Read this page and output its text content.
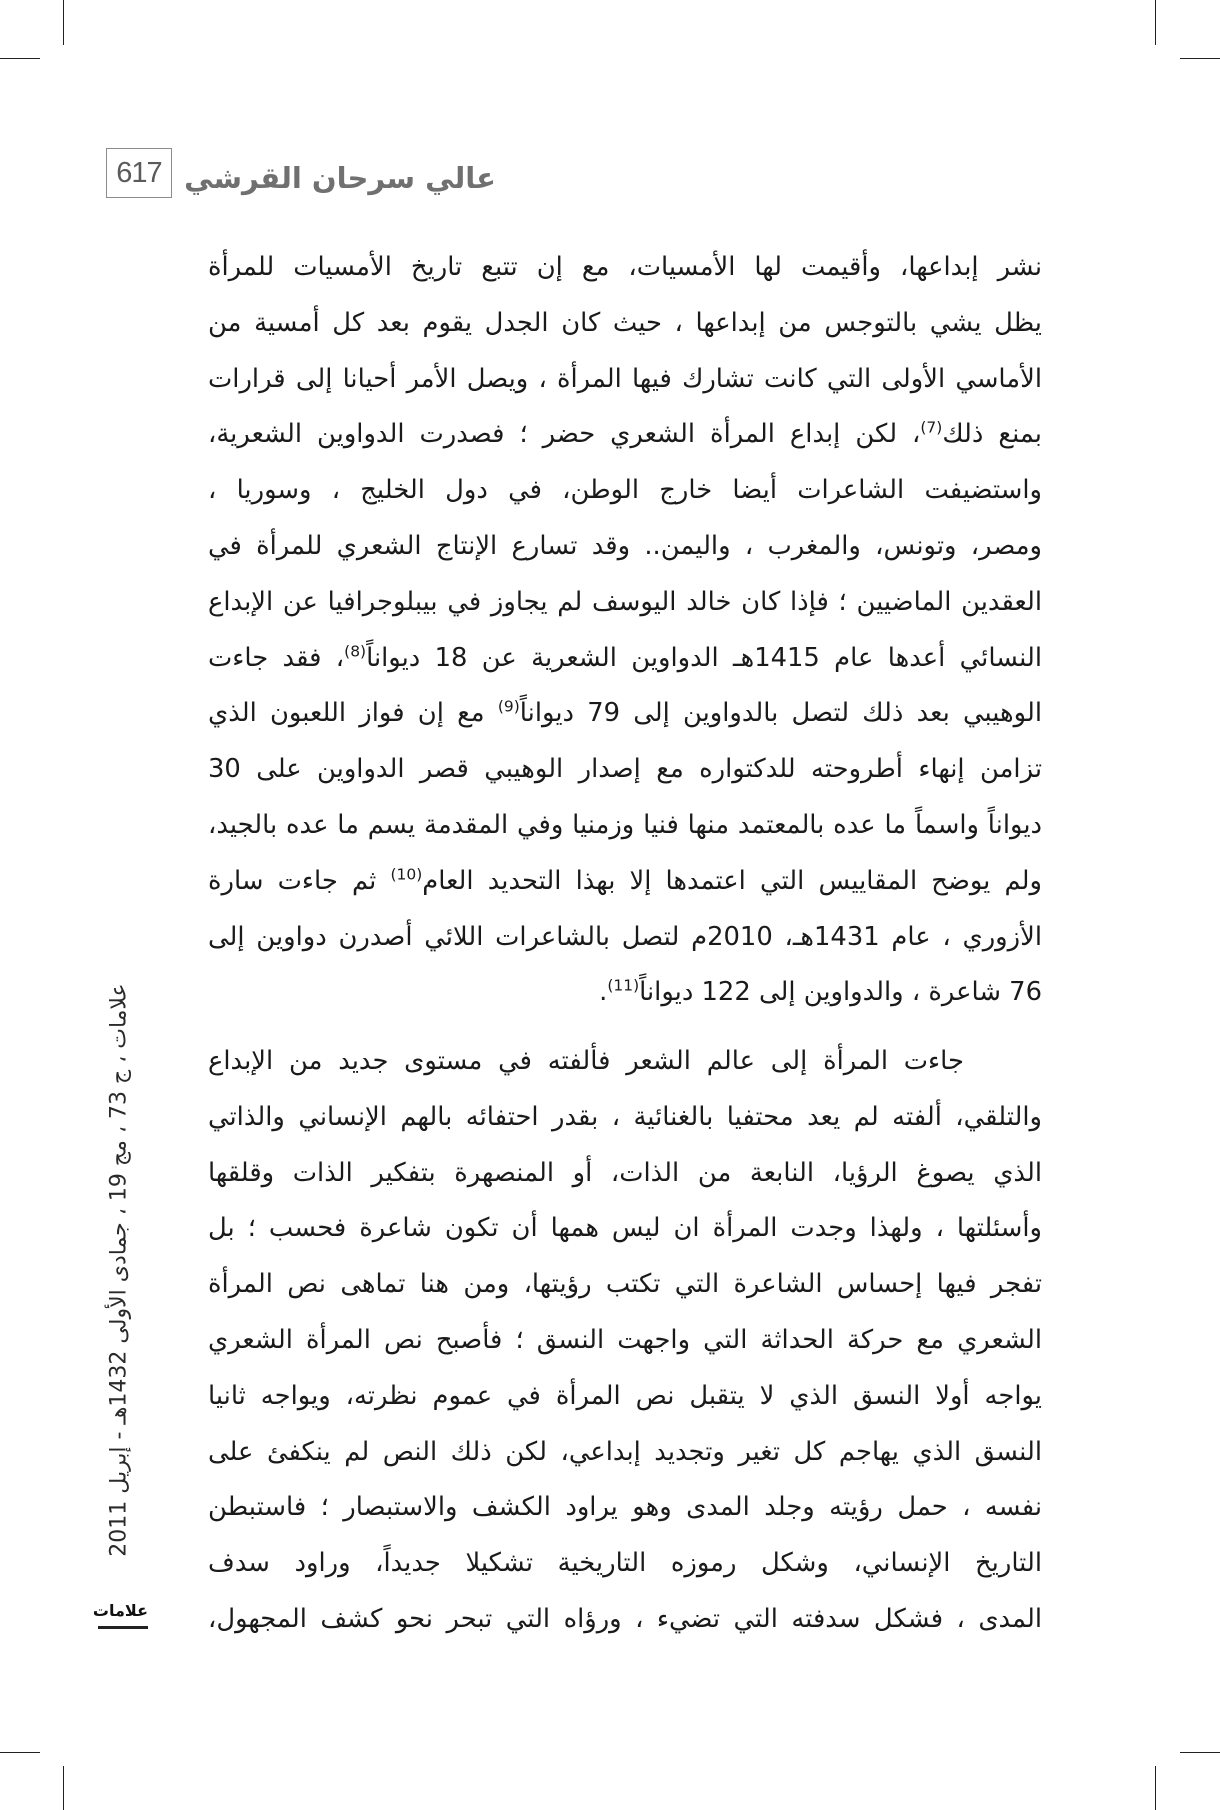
617 عالي سرحان القرشي
نشر إبداعها، وأقيمت لها الأمسيات، مع إن تتبع تاريخ الأمسيات للمرأة
يظل يشي بالتوجس من إبداعها ، حيث كان الجدل يقوم بعد كل أمسية من
الأماسي الأولى التي كانت تشارك فيها المرأة ، ويصل الأمر أحيانا إلى قرارات
بمنع ذلك$^{(7)}$، لكن إبداع المرأة الشعري حضر ؛ فصدرت الدواوين الشعرية،
واستضيفت الشاعرات أيضا خارج الوطن، في دول الخليج ، وسوريا ،
ومصر، وتونس، والمغرب ، واليمن.. وقد تسارع الإنتاج الشعري للمرأة في
العقدين الماضيين ؛ فإذا كان خالد اليوسف لم يجاوز في بيبلوجرافيا عن الإبداع
النسائي أعدها عام 1415هـ الدواوين الشعرية عن 18 ديواناً$^{(8)}$، فقد جاءت
الوهيبي بعد ذلك لتصل بالدواوين إلى 79 ديواناً$^{(9)}$ مع إن فواز اللعبون الذي
تزامن إنهاء أطروحته للدكتواره مع إصدار الوهيبي قصر الدواوين على 30
ديواناً واسماً ما عده بالمعتمد منها فنيا وزمنيا وفي المقدمة يسم ما عده بالجيد،
ولم يوضح المقاييس التي اعتمدها إلا بهذا التحديد العام$^{(10)}$ ثم جاءت سارة
الأزوري ، عام 1431هـ، 2010م لتصل بالشاعرات اللائي أصدرن دواوين إلى
76 شاعرة ، والدواوين إلى 122 ديواناً$^{(11)}$.
جاءت المرأة إلى عالم الشعر فألفته في مستوى جديد من الإبداع
والتلقي، ألفته لم يعد محتفيا بالغنائية ، بقدر احتفائه بالهم الإنساني والذاتي
الذي يصوغ الرؤيا، النابعة من الذات، أو المنصهرة بتفكير الذات وقلقها
وأسئلتها ، ولهذا وجدت المرأة ان ليس همها أن تكون شاعرة فحسب ؛ بل
تفجر فيها إحساس الشاعرة التي تكتب رؤيتها، ومن هنا تماهى نص المرأة
الشعري مع حركة الحداثة التي واجهت النسق ؛ فأصبح نص المرأة الشعري
يواجه أولا النسق الذي لا يتقبل نص المرأة في عموم نظرته، ويواجه ثانيا
النسق الذي يهاجم كل تغير وتجديد إبداعي، لكن ذلك النص لم ينكفئ على
نفسه ، حمل رؤيته وجلد المدى وهو يراود الكشف والاستبصار ؛ فاستبطن
التاريخ الإنساني، وشكل رموزه التاريخية تشكيلا جديداً، وراود سدف
المدى ، فشكل سدفته التي تضيء ، ورؤاه التي تبحر نحو كشف المجهول،
علامات ، ج 73 ، مج 19 ، جمادى الأولى 1432هـ - إبريل 2011
علامات
